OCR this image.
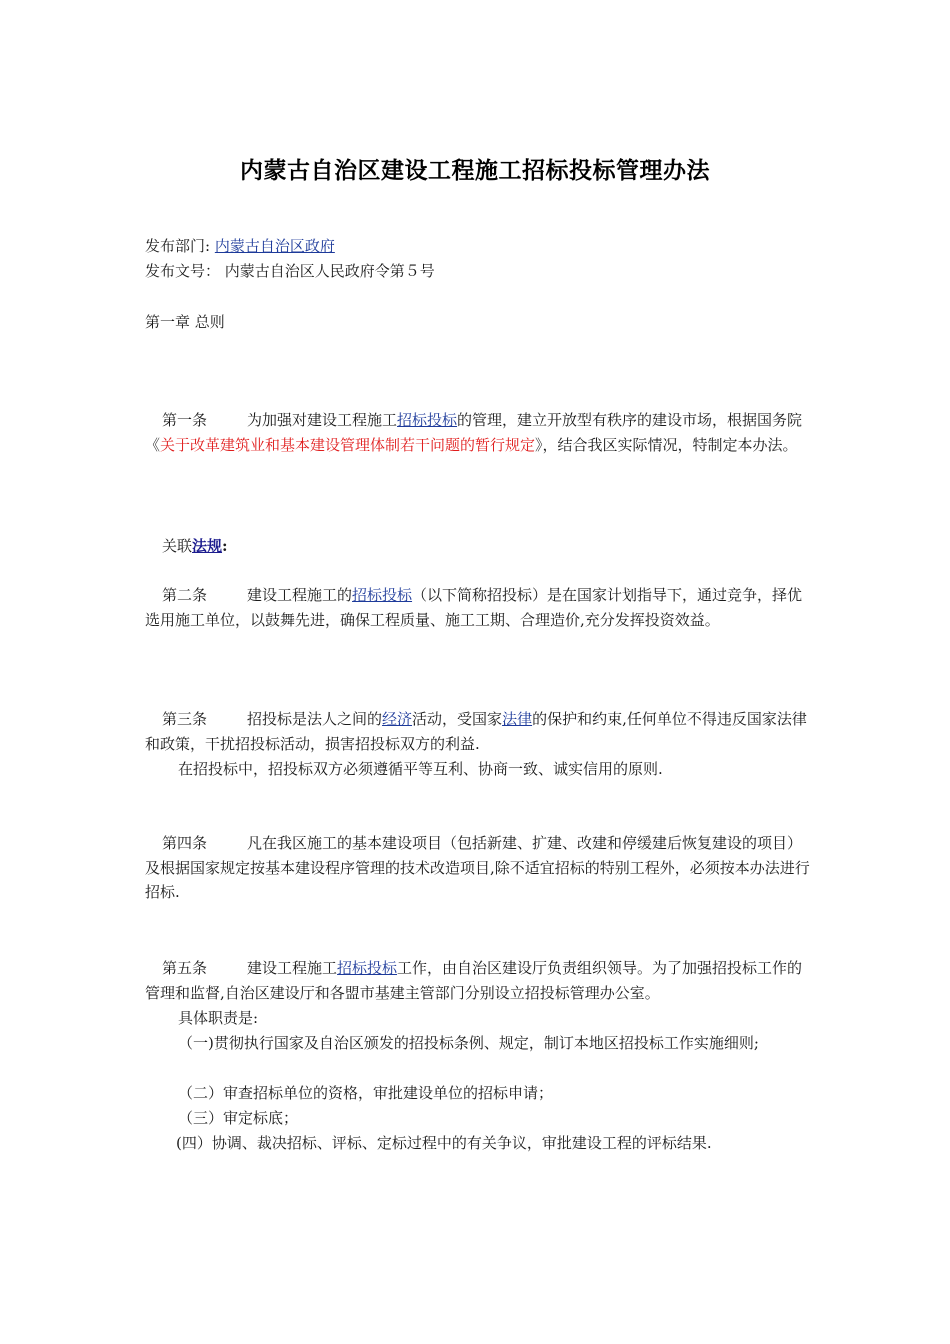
内蒙古自治区建设工程施工招标投标管理办法
发布部门: 内蒙古自治区政府
发布文号： 内蒙古自治区人民政府令第５号
第一章 总则
第一条	为加强对建设工程施工招标投标的管理，建立开放型有秩序的建设市场，根据国务院《关于改革建筑业和基本建设管理体制若干问题的暂行规定》，结合我区实际情况，特制定本办法。
关联法规:
第二条	建设工程施工的招标投标（以下简称招投标）是在国家计划指导下，通过竞争，择优选用施工单位，以鼓舞先进，确保工程质量、施工工期、合理造价,充分发挥投资效益。
第三条	招投标是法人之间的经济活动，受国家法律的保护和约束,任何单位不得违反国家法律和政策，干扰招投标活动，损害招投标双方的利益.
在招投标中，招投标双方必须遵循平等互利、协商一致、诚实信用的原则.
第四条	凡在我区施工的基本建设项目（包括新建、扩建、改建和停缓建后恢复建设的项目）及根据国家规定按基本建设程序管理的技术改造项目,除不适宜招标的特别工程外，必须按本办法进行招标.
第五条	建设工程施工招标投标工作，由自治区建设厅负责组织领导。为了加强招投标工作的管理和监督,自治区建设厅和各盟市基建主管部门分别设立招投标管理办公室。
具体职责是:
（一)贯彻执行国家及自治区颁发的招投标条例、规定，制订本地区招投标工作实施细则;
（二）审查招标单位的资格，审批建设单位的招标申请；
（三）审定标底；
(四）协调、裁决招标、评标、定标过程中的有关争议，审批建设工程的评标结果.
